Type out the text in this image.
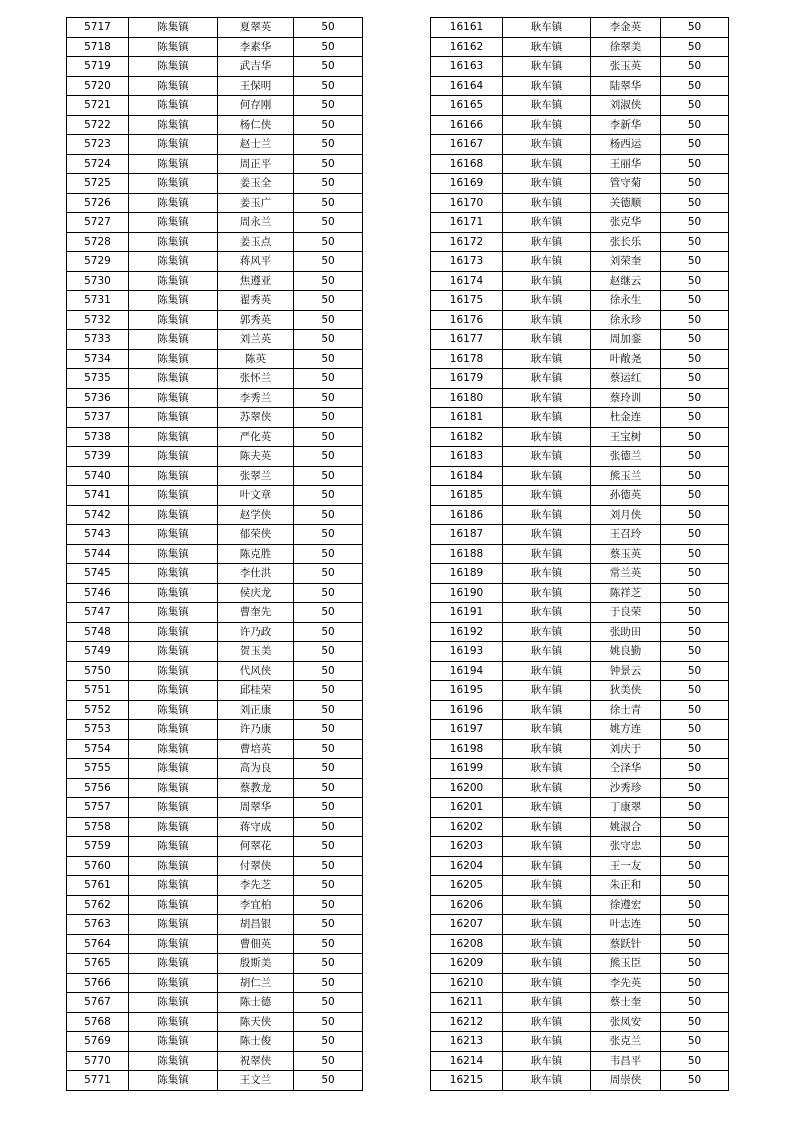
5717	陈集镇	夏翠英	50
5718	陈集镇	李素华	50
5719	陈集镇	武吉华	50
5720	陈集镇	王保明	50
5721	陈集镇	何存刚	50
5722	陈集镇	杨仁侠	50
5723	陈集镇	赵士兰	50
5724	陈集镇	周正平	50
5725	陈集镇	姜玉全	50
5726	陈集镇	姜玉广	50
5727	陈集镇	周永兰	50
5728	陈集镇	姜玉点	50
5729	陈集镇	蒋风平	50
5730	陈集镇	焦遵亚	50
5731	陈集镇	翟秀英	50
5732	陈集镇	郭秀英	50
5733	陈集镇	刘兰英	50
5734	陈集镇	陈英	50
5735	陈集镇	张怀兰	50
5736	陈集镇	李秀兰	50
5737	陈集镇	苏翠侠	50
5738	陈集镇	严化英	50
5739	陈集镇	陈夫英	50
5740	陈集镇	张翠兰	50
5741	陈集镇	叶文章	50
5742	陈集镇	赵学侠	50
5743	陈集镇	郁荣侠	50
5744	陈集镇	陈克胜	50
5745	陈集镇	李仕洪	50
5746	陈集镇	侯庆龙	50
5747	陈集镇	曹奎先	50
5748	陈集镇	许乃政	50
5749	陈集镇	贺玉美	50
5750	陈集镇	代风侠	50
5751	陈集镇	邱桂荣	50
5752	陈集镇	刘正康	50
5753	陈集镇	许乃康	50
5754	陈集镇	曹培英	50
5755	陈集镇	高为良	50
5756	陈集镇	蔡教龙	50
5757	陈集镇	周翠华	50
5758	陈集镇	蒋守成	50
5759	陈集镇	何翠花	50
5760	陈集镇	付翠侠	50
5761	陈集镇	李先芝	50
5762	陈集镇	李宜柏	50
5763	陈集镇	胡昌银	50
5764	陈集镇	曹佃英	50
5765	陈集镇	殷斯美	50
5766	陈集镇	胡仁兰	50
5767	陈集镇	陈士德	50
5768	陈集镇	陈天侠	50
5769	陈集镇	陈士俊	50
5770	陈集镇	祝翠侠	50
5771	陈集镇	王文兰	50
16161	耿车镇	李金英	50
16162	耿车镇	徐翠美	50
16163	耿车镇	张玉英	50
16164	耿车镇	陆翠华	50
16165	耿车镇	刘淑侠	50
16166	耿车镇	李新华	50
16167	耿车镇	杨西运	50
16168	耿车镇	王丽华	50
16169	耿车镇	管守菊	50
16170	耿车镇	关德顺	50
16171	耿车镇	张克华	50
16172	耿车镇	张长乐	50
16173	耿车镇	刘荣奎	50
16174	耿车镇	赵继云	50
16175	耿车镇	徐永生	50
16176	耿车镇	徐永珍	50
16177	耿车镇	周加銮	50
16178	耿车镇	叶敞尧	50
16179	耿车镇	蔡运红	50
16180	耿车镇	蔡玲训	50
16181	耿车镇	杜金连	50
16182	耿车镇	王宝树	50
16183	耿车镇	张德兰	50
16184	耿车镇	熊玉兰	50
16185	耿车镇	孙德英	50
16186	耿车镇	刘月侠	50
16187	耿车镇	王召玲	50
16188	耿车镇	蔡玉英	50
16189	耿车镇	常兰英	50
16190	耿车镇	陈祥芝	50
16191	耿车镇	于良荣	50
16192	耿车镇	张助田	50
16193	耿车镇	姚良勤	50
16194	耿车镇	钟景云	50
16195	耿车镇	狄美侠	50
16196	耿车镇	徐士青	50
16197	耿车镇	姚方连	50
16198	耿车镇	刘庆于	50
16199	耿车镇	仝泽华	50
16200	耿车镇	沙秀珍	50
16201	耿车镇	丁康翠	50
16202	耿车镇	姚淑合	50
16203	耿车镇	张守忠	50
16204	耿车镇	王一友	50
16205	耿车镇	朱正和	50
16206	耿车镇	徐遵宏	50
16207	耿车镇	叶志连	50
16208	耿车镇	蔡跃针	50
16209	耿车镇	熊玉臣	50
16210	耿车镇	李先英	50
16211	耿车镇	蔡士奎	50
16212	耿车镇	张凤安	50
16213	耿车镇	张克兰	50
16214	耿车镇	韦昌平	50
16215	耿车镇	周崇侠	50
